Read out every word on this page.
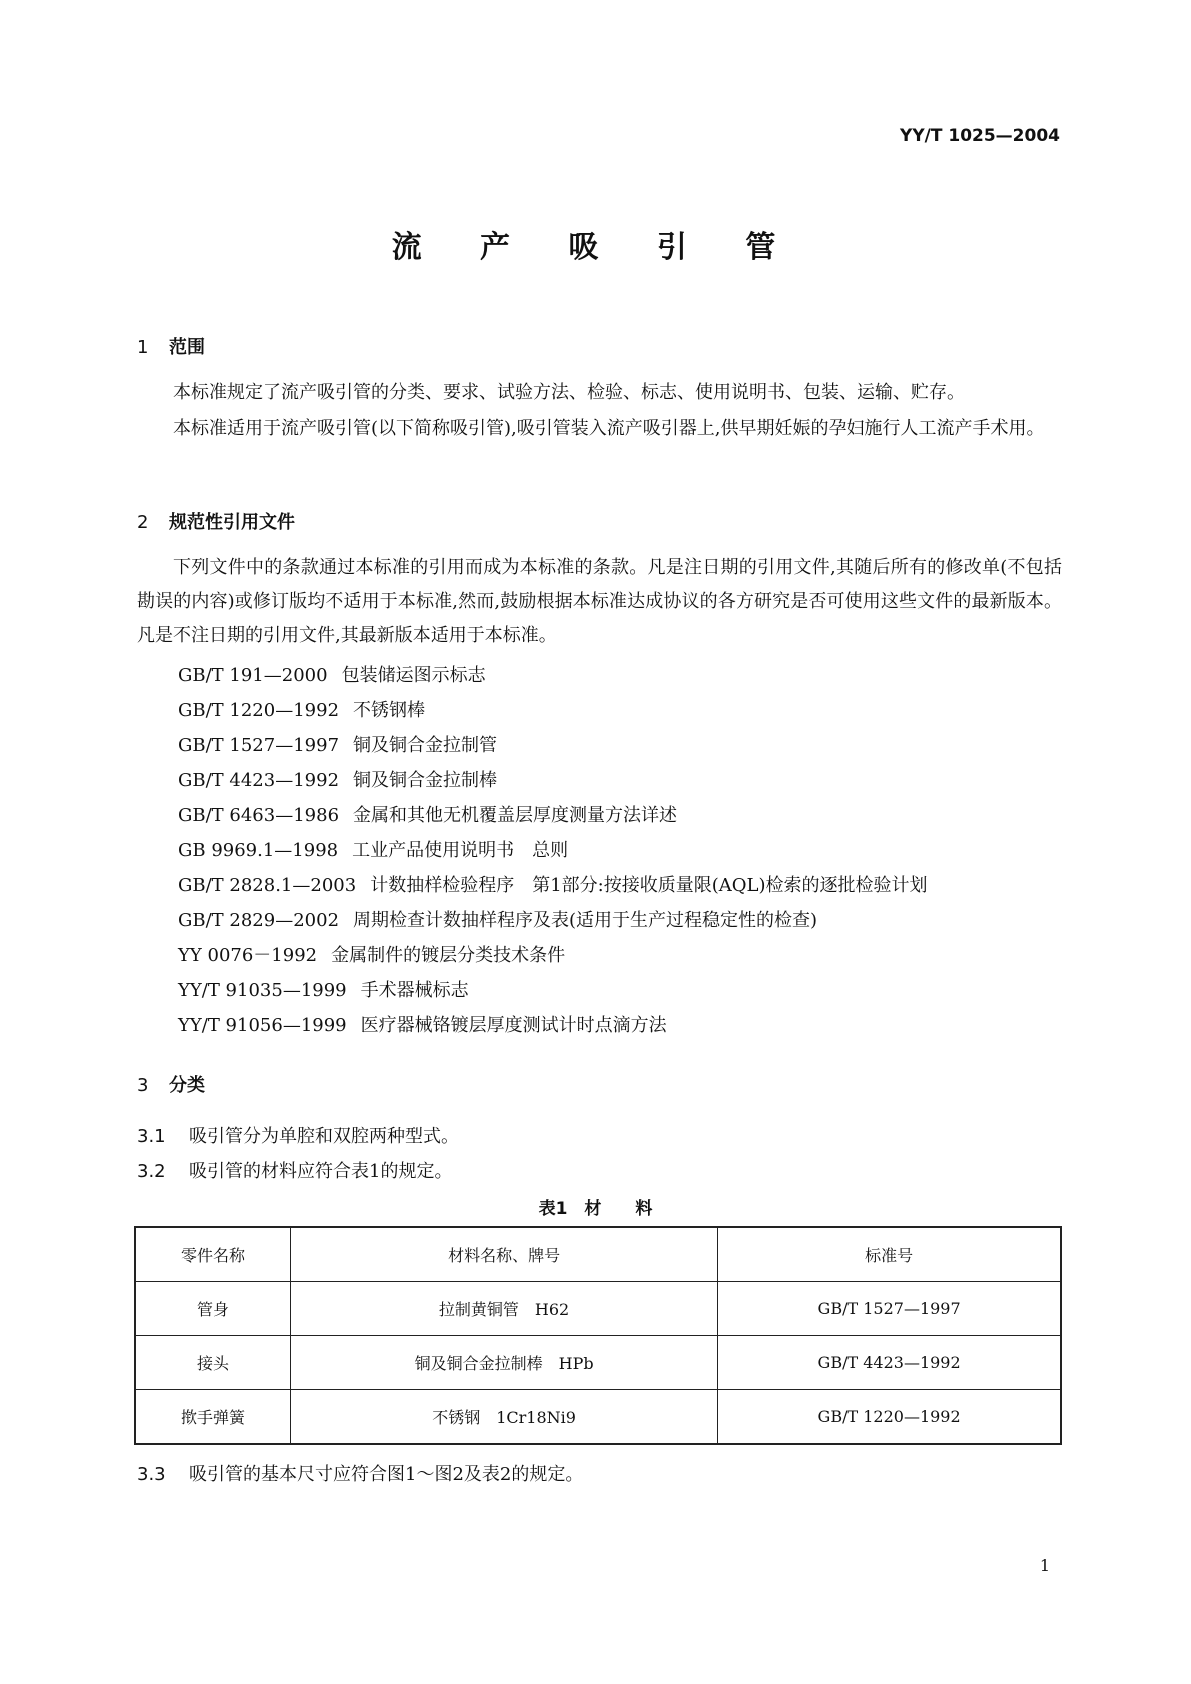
YY/T 1025—2004
流 产 吸 引 管
1 范围
本标准规定了流产吸引管的分类、要求、试验方法、检验、标志、使用说明书、包装、运输、贮存。
本标准适用于流产吸引管(以下简称吸引管),吸引管装入流产吸引器上,供早期妊娠的孕妇施行人工流产手术用。
2 规范性引用文件
下列文件中的条款通过本标准的引用而成为本标准的条款。凡是注日期的引用文件,其随后所有的修改单(不包括勘误的内容)或修订版均不适用于本标准,然而,鼓励根据本标准达成协议的各方研究是否可使用这些文件的最新版本。凡是不注日期的引用文件,其最新版本适用于本标准。
GB/T 191—2000 包装储运图示标志
GB/T 1220—1992 不锈钢棒
GB/T 1527—1997 铜及铜合金拉制管
GB/T 4423—1992 铜及铜合金拉制棒
GB/T 6463—1986 金属和其他无机覆盖层厚度测量方法详述
GB 9969.1—1998 工业产品使用说明书　总则
GB/T 2828.1—2003 计数抽样检验程序　第1部分:按接收质量限(AQL)检索的逐批检验计划
GB/T 2829—2002 周期检查计数抽样程序及表(适用于生产过程稳定性的检查)
YY 0076－1992 金属制件的镀层分类技术条件
YY/T 91035—1999 手术器械标志
YY/T 91056—1999 医疗器械铬镀层厚度测试计时点滴方法
3 分类
3.1 吸引管分为单腔和双腔两种型式。
3.2 吸引管的材料应符合表1的规定。
表1　材　　料
零件名称	材料名称、牌号	标准号
管身	拉制黄铜管　H62	GB/T 1527—1997
接头	铜及铜合金拉制棒　HPb	GB/T 4423—1992
揿手弹簧	不锈钢　1Cr18Ni9	GB/T 1220—1992
3.3 吸引管的基本尺寸应符合图1～图2及表2的规定。
1
